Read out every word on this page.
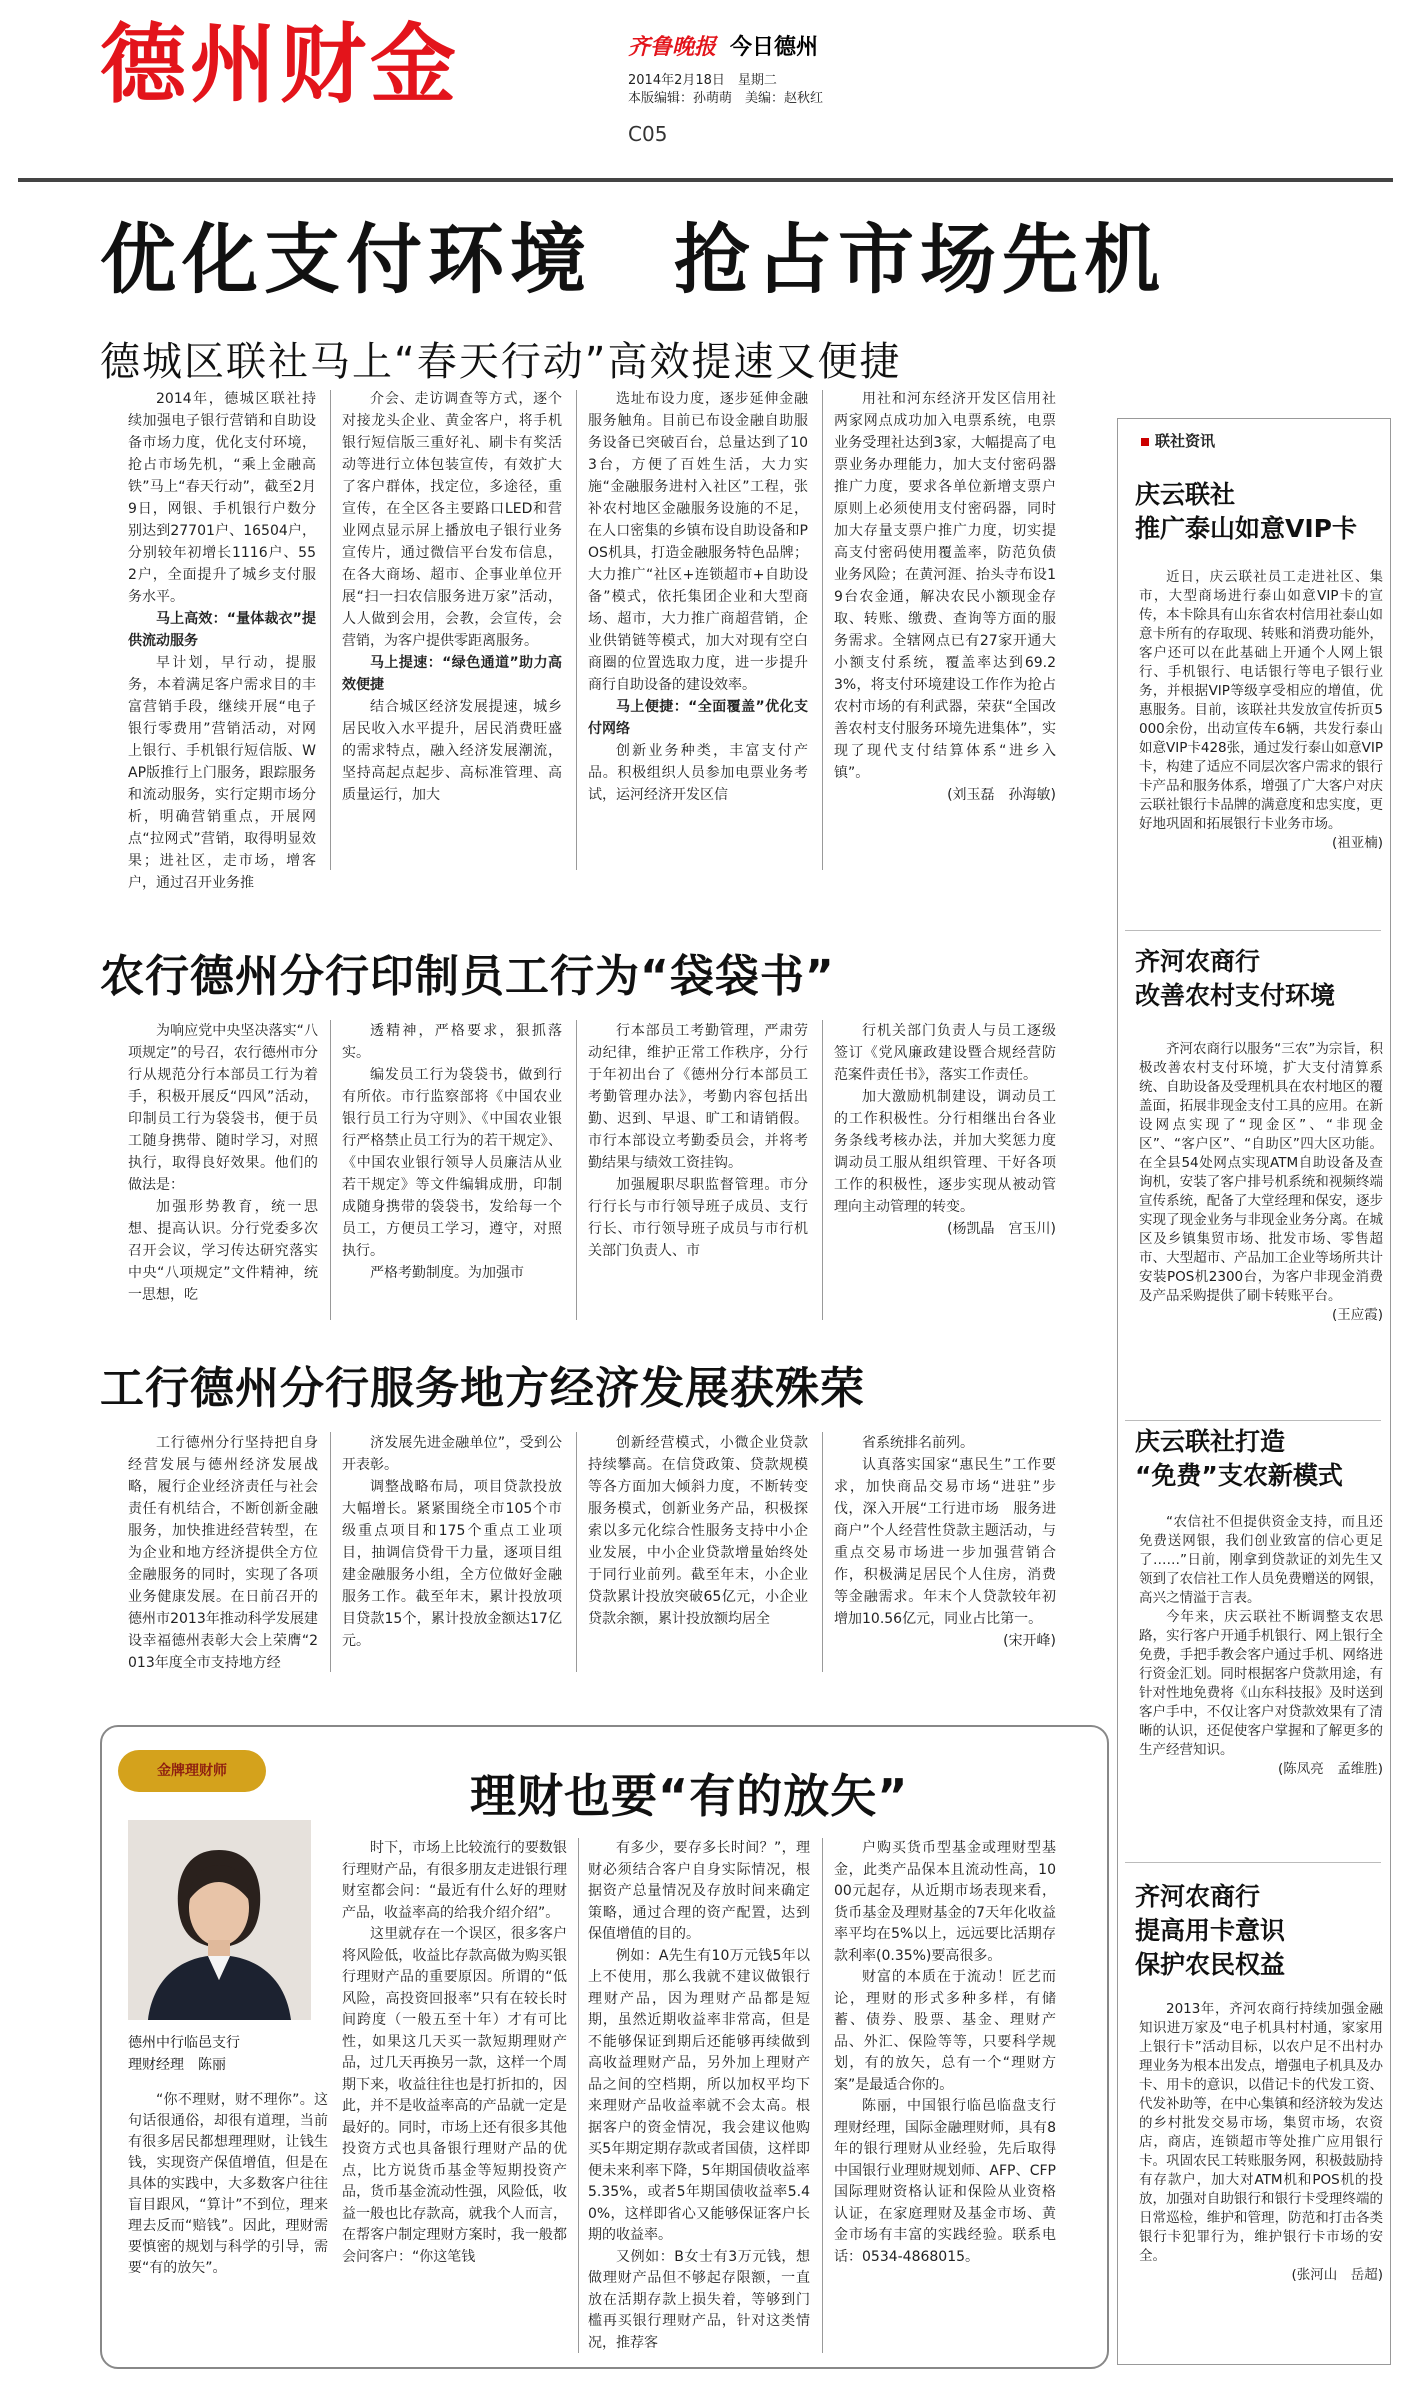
德州财金	齐鲁晚报 今日德州
2014年2月18日　星期二
本版编辑：孙萌萌　美编：赵秋红
C05
优化支付环境　抢占市场先机
德城区联社马上“春天行动”高效提速又便捷

2014年，德城区联社持续加强电子银行营销和自助设备市场力度，优化支付环境，抢占市场先机，“乘上金融高铁”马上“春天行动”，截至2月9日，网银、手机银行户数分别达到27701户、16504户，分别较年初增长1116户、552户，全面提升了城乡支付服务水平。

马上高效：“量体裁衣”提供流动服务

早计划，早行动，提服务，本着满足客户需求目的丰富营销手段，继续开展“电子银行零费用”营销活动，对网上银行、手机银行短信版、WAP版推行上门服务，跟踪服务和流动服务，实行定期市场分析，明确营销重点，开展网点“拉网式”营销，取得明显效果；进社区，走市场，增客户，通过召开业务推

介会、走访调查等方式，逐个对接龙头企业、黄金客户，将手机银行短信版三重好礼、刷卡有奖活动等进行立体包装宣传，有效扩大了客户群体，找定位，多途径，重宣传，在全区各主要路口LED和营业网点显示屏上播放电子银行业务宣传片，通过微信平台发布信息，在各大商场、超市、企事业单位开展“扫一扫农信服务进万家”活动，人人做到会用，会教，会宣传，会营销，为客户提供零距离服务。

马上提速：“绿色通道”助力高效便捷

结合城区经济发展提速，城乡居民收入水平提升，居民消费旺盛的需求特点，融入经济发展潮流，坚持高起点起步、高标准管理、高质量运行，加大

选址布设力度，逐步延伸金融服务触角。目前已布设金融自助服务设备已突破百台，总量达到了103台，方便了百姓生活，大力实施“金融服务进村入社区”工程，张补农村地区金融服务设施的不足，在人口密集的乡镇布设自助设备和POS机具，打造金融服务特色品牌；大力推广“社区+连锁超市+自助设备”模式，依托集团企业和大型商场、超市，大力推广商超营销，企业供销链等模式，加大对现有空白商圈的位置选取力度，进一步提升商行自助设备的建设效率。

马上便捷：“全面覆盖”优化支付网络

创新业务种类，丰富支付产品。积极组织人员参加电票业务考试，运河经济开发区信

用社和河东经济开发区信用社两家网点成功加入电票系统，电票业务受理社达到3家，大幅提高了电票业务办理能力，加大支付密码器推广力度，要求各单位新增支票户原则上必须使用支付密码器，同时加大存量支票户推广力度，切实提高支付密码使用覆盖率，防范负债业务风险；在黄河涯、抬头寺布设19台农金通，解决农民小额现金存取、转账、缴费、查询等方面的服务需求。全辖网点已有27家开通大小额支付系统，覆盖率达到69.23%，将支付环境建设工作作为抢占农村市场的有利武器，荣获“全国改善农村支付服务环境先进集体”，实现了现代支付结算体系“进乡入镇”。

(刘玉磊　孙海敏)

农行德州分行印制员工行为“袋袋书”

为响应党中央坚决落实“八项规定”的号召，农行德州市分行从规范分行本部员工行为着手，积极开展反“四风”活动，印制员工行为袋袋书，便于员工随身携带、随时学习，对照执行，取得良好效果。他们的做法是：

加强形势教育，统一思想、提高认识。分行党委多次召开会议，学习传达研究落实中央“八项规定”文件精神，统一思想，吃

透精神，严格要求，狠抓落实。

编发员工行为袋袋书，做到行有所依。市行监察部将《中国农业银行员工行为守则》、《中国农业银行严格禁止员工行为的若干规定》、《中国农业银行领导人员廉洁从业若干规定》等文件编辑成册，印制成随身携带的袋袋书，发给每一个员工，方便员工学习，遵守，对照执行。

严格考勤制度。为加强市

行本部员工考勤管理，严肃劳动纪律，维护正常工作秩序，分行于年初出台了《德州分行本部员工考勤管理办法》，考勤内容包括出勤、迟到、早退、旷工和请销假。市行本部设立考勤委员会，并将考勤结果与绩效工资挂钩。

加强履职尽职监督管理。市分行行长与市行领导班子成员、支行行长、市行领导班子成员与市行机关部门负责人、市

行机关部门负责人与员工逐级签订《党风廉政建设暨合规经营防范案件责任书》，落实工作责任。

加大激励机制建设，调动员工的工作积极性。分行相继出台各业务条线考核办法，并加大奖惩力度调动员工服从组织管理、干好各项工作的积极性，逐步实现从被动管理向主动管理的转变。

(杨凯晶　宫玉川)

工行德州分行服务地方经济发展获殊荣

工行德州分行坚持把自身经营发展与德州经济发展战略，履行企业经济责任与社会责任有机结合，不断创新金融服务，加快推进经营转型，在为企业和地方经济提供全方位金融服务的同时，实现了各项业务健康发展。在日前召开的德州市2013年推动科学发展建设幸福德州表彰大会上荣膺“2013年度全市支持地方经

济发展先进金融单位”，受到公开表彰。

调整战略布局，项目贷款投放大幅增长。紧紧围绕全市105个市级重点项目和175个重点工业项目，抽调信贷骨干力量，逐项目组建金融服务小组，全方位做好金融服务工作。截至年末，累计投放项目贷款15个，累计投放金额达17亿元。

创新经营模式，小微企业贷款持续攀高。在信贷政策、贷款规模等各方面加大倾斜力度，不断转变服务模式，创新业务产品，积极探索以多元化综合性服务支持中小企业发展，中小企业贷款增量始终处于同行业前列。截至年末，小企业贷款累计投放突破65亿元，小企业贷款余额，累计投放额均居全

省系统排名前列。

认真落实国家“惠民生”工作要求，加快商品交易市场“进驻”步伐，深入开展“工行进市场　服务进商户”个人经营性贷款主题活动，与重点交易市场进一步加强营销合作，积极满足居民个人住房，消费等金融需求。年末个人贷款较年初增加10.56亿元，同业占比第一。

(宋开峰)

金牌理财师	理财也要“有的放矢”
德州中行临邑支行
理财经理　陈丽

“你不理财，财不理你”。这句话很通俗，却很有道理，当前有很多居民都想理理财，让钱生钱，实现资产保值增值，但是在具体的实践中，大多数客户往往盲目跟风，“算计”不到位，理来理去反而“赔钱”。因此，理财需要慎密的规划与科学的引导，需要“有的放矢”。

时下，市场上比较流行的要数银行理财产品，有很多朋友走进银行理财室都会问：“最近有什么好的理财产品，收益率高的给我介绍介绍”。

这里就存在一个误区，很多客户将风险低，收益比存款高做为购买银行理财产品的重要原因。所谓的“低风险，高投资回报率”只有在较长时间跨度（一般五至十年）才有可比性，如果这几天买一款短期理财产品，过几天再换另一款，这样一个周期下来，收益往往也是打折扣的，因此，并不是收益率高的产品就一定是最好的。同时，市场上还有很多其他投资方式也具备银行理财产品的优点，比方说货币基金等短期投资产品，货币基金流动性强，风险低，收益一般也比存款高，就我个人而言，在帮客户制定理财方案时，我一般都会问客户：“你这笔钱

有多少，要存多长时间？”，理财必须结合客户自身实际情况，根据资产总量情况及存放时间来确定策略，通过合理的资产配置，达到保值增值的目的。

例如：A先生有10万元钱5年以上不使用，那么我就不建议做银行理财产品，因为理财产品都是短期，虽然近期收益率非常高，但是不能够保证到期后还能够再续做到高收益理财产品，另外加上理财产品之间的空档期，所以加权平均下来理财产品收益率就不会太高。根据客户的资金情况，我会建议他购买5年期定期存款或者国债，这样即便未来利率下降，5年期国债收益率5.35%，或者5年期国债收益率5.40%，这样即省心又能够保证客户长期的收益率。

又例如：B女士有3万元钱，想做理财产品但不够起存限额，一直放在活期存款上损失着，等够到门槛再买银行理财产品，针对这类情况，推荐客

户购买货币型基金或理财型基金，此类产品保本且流动性高，1000元起存，从近期市场表现来看，货币基金及理财基金的7天年化收益率平均在5%以上，远远要比活期存款利率(0.35%)要高很多。

财富的本质在于流动！匠艺而论，理财的形式多种多样，有储蓄、债券、股票、基金、理财产品、外汇、保险等等，只要科学规划，有的放矢，总有一个“理财方案”是最适合你的。

陈丽，中国银行临邑临盘支行理财经理，国际金融理财师，具有8年的银行理财从业经验，先后取得中国银行业理财规划师、AFP、CFP国际理财资格认证和保险从业资格认证，在家庭理财及基金市场、黄金市场有丰富的实践经验。联系电话：0534-4868015。

联社资讯
庆云联社
推广泰山如意VIP卡

近日，庆云联社员工走进社区、集市，大型商场进行泰山如意VIP卡的宣传，本卡除具有山东省农村信用社泰山如意卡所有的存取现、转账和消费功能外，客户还可以在此基础上开通个人网上银行、手机银行、电话银行等电子银行业务，并根据VIP等级享受相应的增值，优惠服务。目前，该联社共发放宣传折页5000余份，出动宣传车6辆，共发行泰山如意VIP卡428张，通过发行泰山如意VIP卡，构建了适应不同层次客户需求的银行卡产品和服务体系，增强了广大客户对庆云联社银行卡品牌的满意度和忠实度，更好地巩固和拓展银行卡业务市场。

(祖亚楠)

齐河农商行
改善农村支付环境

齐河农商行以服务“三农”为宗旨，积极改善农村支付环境，扩大支付清算系统、自助设备及受理机具在农村地区的覆盖面，拓展非现金支付工具的应用。在新设网点实现了“现金区”、“非现金区”、“客户区”、“自助区”四大区功能。在全县54处网点实现ATM自助设备及查询机，安装了客户排号机系统和视频终端宣传系统，配备了大堂经理和保安，逐步实现了现金业务与非现金业务分离。在城区及乡镇集贸市场、批发市场、零售超市、大型超市、产品加工企业等场所共计安装POS机2300台，为客户非现金消费及产品采购提供了刷卡转账平台。

(王应霞)

庆云联社打造
“免费”支农新模式

“农信社不但提供资金支持，而且还免费送网银，我们创业致富的信心更足了……”日前，刚拿到贷款证的刘先生又领到了农信社工作人员免费赠送的网银，高兴之情溢于言表。

今年来，庆云联社不断调整支农思路，实行客户开通手机银行、网上银行全免费，手把手教会客户通过手机、网络进行资金汇划。同时根据客户贷款用途，有针对性地免费将《山东科技报》及时送到客户手中，不仅让客户对贷款效果有了清晰的认识，还促使客户掌握和了解更多的生产经营知识。

(陈凤亮　孟维胜)

齐河农商行
提高用卡意识
保护农民权益

2013年，齐河农商行持续加强金融知识进万家及“电子机具村村通，家家用上银行卡”活动目标，以农户足不出村办理业务为根本出发点，增强电子机具及办卡、用卡的意识，以借记卡的代发工资、代发补助等，在中心集镇和经济较为发达的乡村批发交易市场，集贸市场，农资店，商店，连锁超市等处推广应用银行卡。巩固农民工转账服务网，积极鼓励持有存款户，加大对ATM机和POS机的投放，加强对自助银行和银行卡受理终端的日常巡检，维护和管理，防范和打击各类银行卡犯罪行为，维护银行卡市场的安全。

(张河山　岳超)
